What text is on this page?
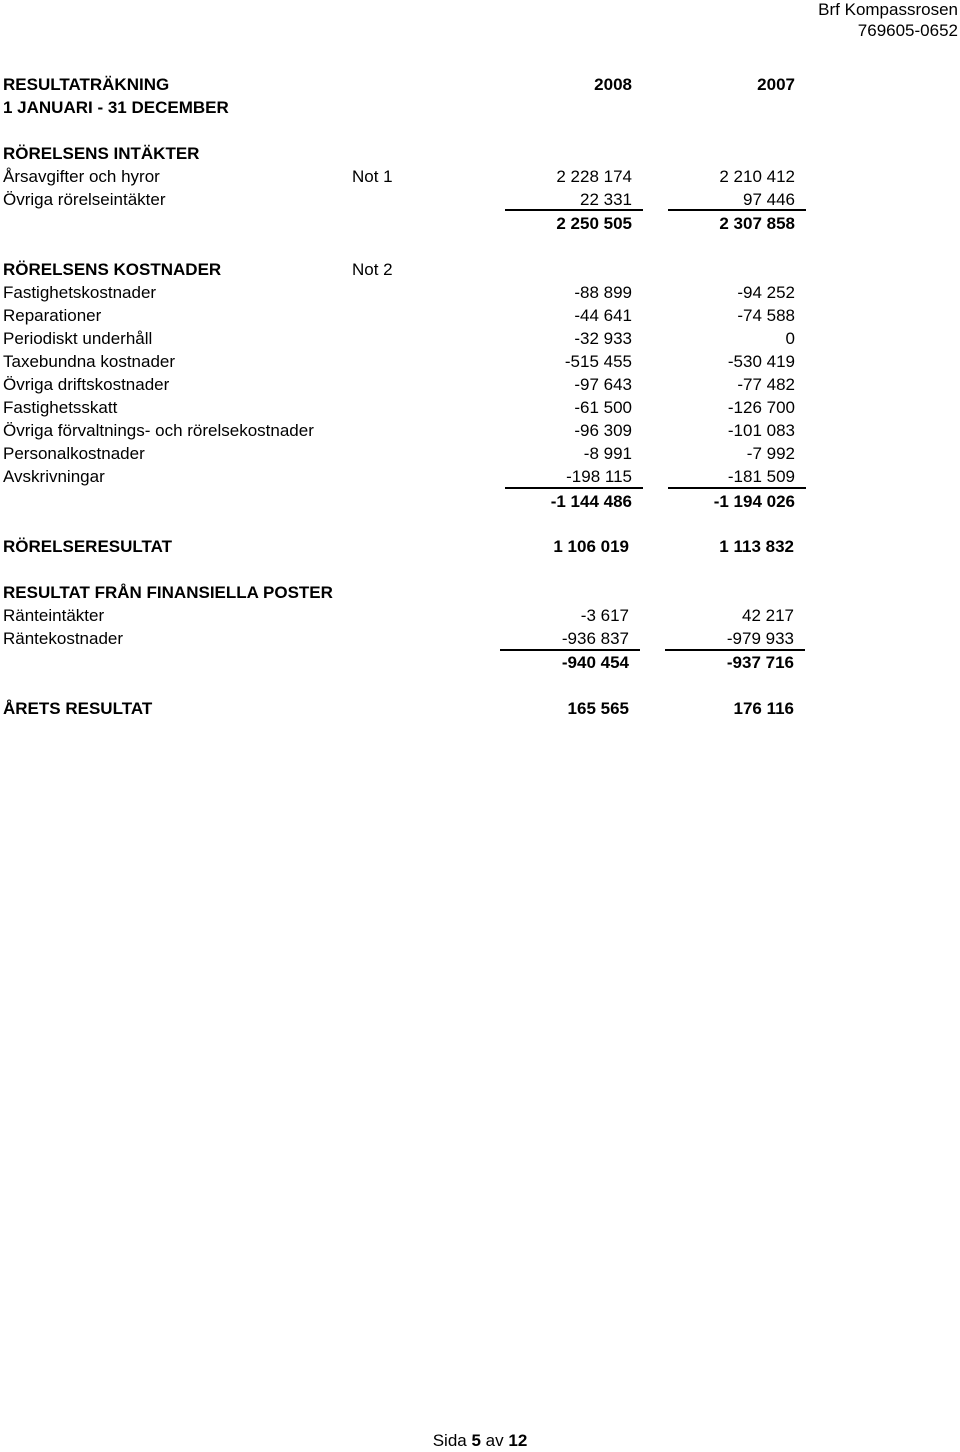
Brf Kompassrosen
769605-0652
RESULTATRÄKNING	2008	2007
1 JANUARI - 31 DECEMBER
RÖRELSENS INTÄKTER
Årsavgifter och hyror	Not 1	2 228 174	2 210 412
Övriga rörelseintäkter	22 331	97 446
2 250 505	2 307 858
RÖRELSENS KOSTNADER	Not 2
Fastighetskostnader	-88 899	-94 252
Reparationer	-44 641	-74 588
Periodiskt underhåll	-32 933	0
Taxebundna kostnader	-515 455	-530 419
Övriga driftskostnader	-97 643	-77 482
Fastighetsskatt	-61 500	-126 700
Övriga förvaltnings- och rörelsekostnader	-96 309	-101 083
Personalkostnader	-8 991	-7 992
Avskrivningar	-198 115	-181 509
-1 144 486	-1 194 026
RÖRELSERESULTAT	1 106 019	1 113 832
RESULTAT FRÅN FINANSIELLA POSTER
Ränteintäkter	-3 617	42 217
Räntekostnader	-936 837	-979 933
-940 454	-937 716
ÅRETS RESULTAT	165 565	176 116
Sida 5 av 12
